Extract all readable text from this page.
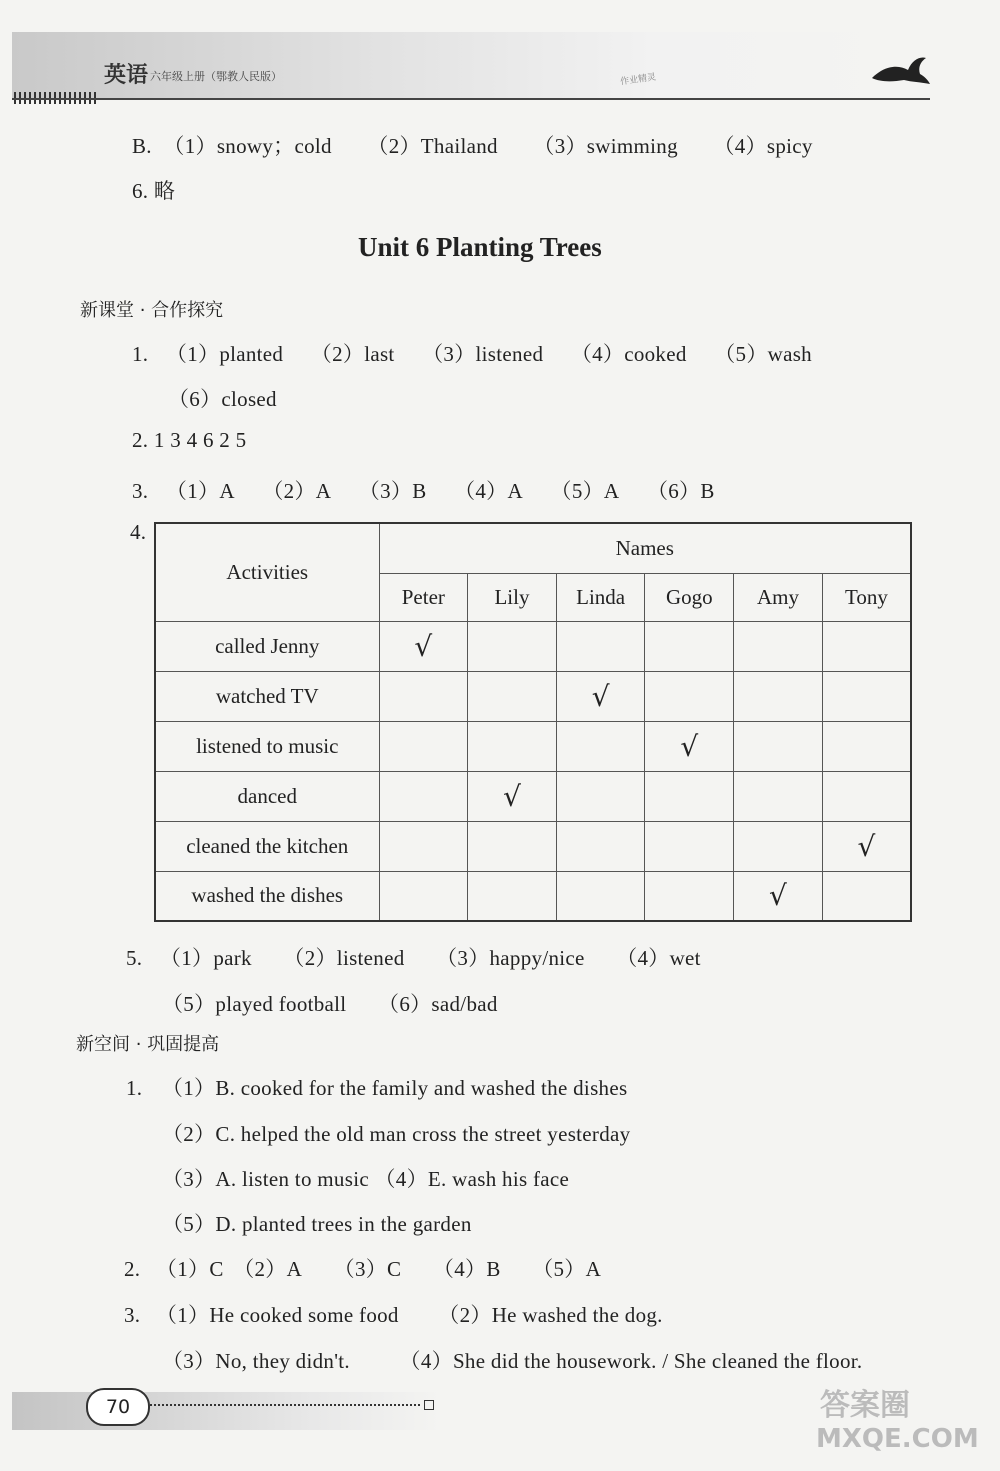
英语 六年级上册（鄂教人民版）	作业精灵
B. （1）snowy；cold （2）Thailand （3）swimming （4）spicy
6. 略
Unit 6 Planting Trees
新课堂 · 合作探究
1. （1）planted （2）last （3）listened （4）cooked （5）wash
（6）closed
2. 1 3 4 6 2 5
3. （1）A （2）A （3）B （4）A （5）A （6）B
4.
Activities	Names					
	Peter	Lily	Linda	Gogo	Amy	Tony
called Jenny	√					
watched TV			√			
listened to music				√		
danced		√				
cleaned the kitchen						√
washed the dishes					√	
5. （1）park （2）listened （3）happy/nice （4）wet
（5）played football （6）sad/bad
新空间 · 巩固提高
1. （1）B. cooked for the family and washed the dishes
（2）C. helped the old man cross the street yesterday
（3）A. listen to music （4）E. wash his face
（5）D. planted trees in the garden
2. （1）C （2）A （3）C （4）B （5）A
3. （1）He cooked some food （2）He washed the dog.
（3）No, they didn't. （4）She did the housework. / She cleaned the floor.
70	答案圈
MXQE.COM
